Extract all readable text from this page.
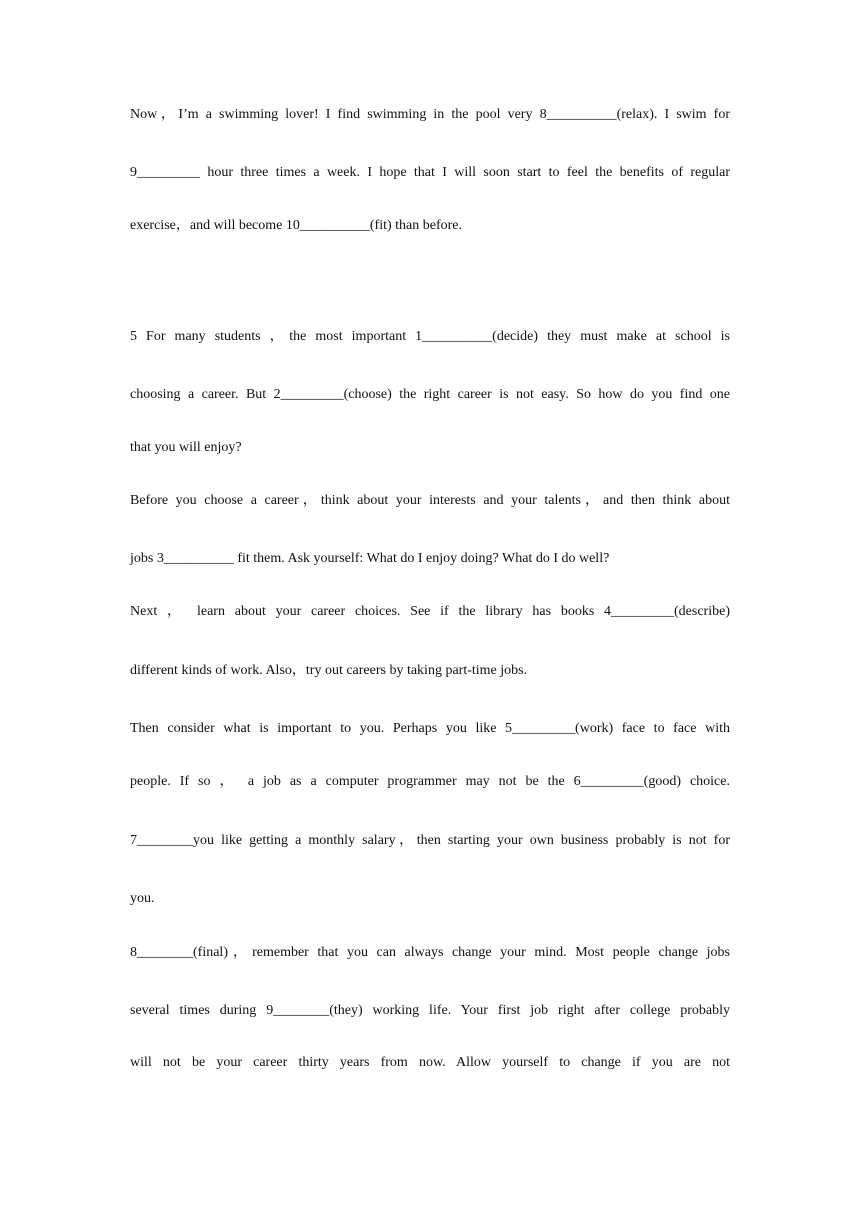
Now，I’m a swimming lover! I find swimming in the pool very 8__________(relax). I swim for
9_________ hour three times a week. I hope that I will soon start to feel the benefits of regular
exercise，and will become 10__________(fit) than before.
5 For many students ，the most important 1__________(decide) they must make at school is
choosing a career. But 2_________(choose) the right career is not easy. So how do you find one
that you will enjoy?
Before you choose a career，think about your interests and your talents，and then think about
jobs 3__________ fit them. Ask yourself: What do I enjoy doing? What do I do well?
Next ， learn about your career choices. See if the library has books 4_________(describe)
different kinds of work. Also，try out careers by taking part-time jobs.
Then consider what is important to you. Perhaps you like 5_________(work) face to face with
people. If so ， a job as a computer programmer may not be the 6_________(good) choice.
7________you like getting a monthly salary，then starting your own business probably is not for
you.
8________(final)，remember that you can always change your mind. Most people change jobs
several times during 9________(they) working life. Your first job right after college probably
will not be your career thirty years from now. Allow yourself to change if you are not
